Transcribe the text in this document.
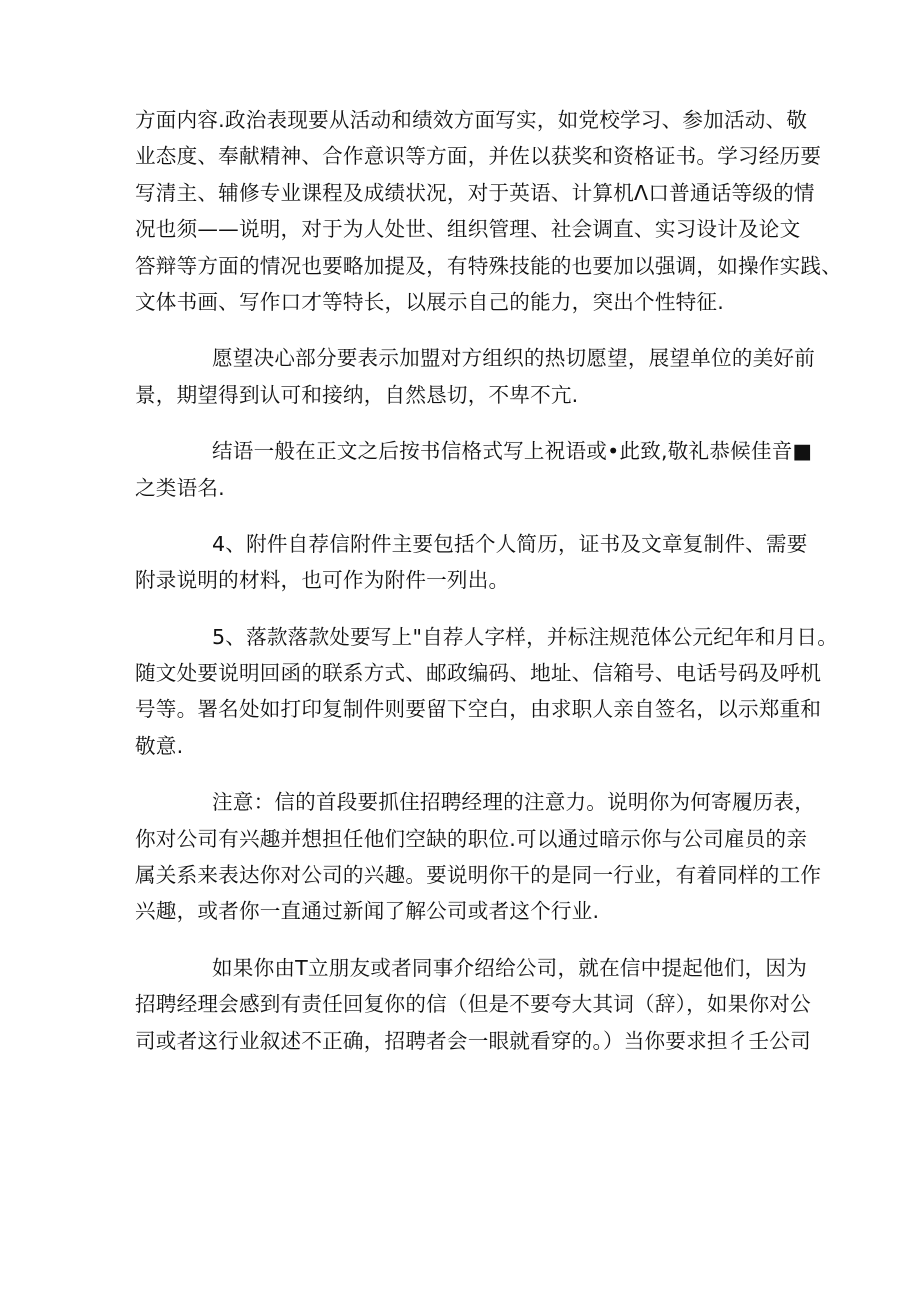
方面内容.政治表现要从活动和绩效方面写实，如党校学习、参加活动、敬
业态度、奉献精神、合作意识等方面，并佐以获奖和资格证书。学习经历要
写清主、辅修专业课程及成绩状况，对于英语、计算机Λ口普通话等级的情
况也须——说明，对于为人处世、组织管理、社会调直、实习设计及论文
答辩等方面的情况也要略加提及，有特殊技能的也要加以强调，如操作实践、
文体书画、写作口才等特长，以展示自己的能力，突出个性特征.
愿望决心部分要表示加盟对方组织的热切愿望，展望单位的美好前
景，期望得到认可和接纳，自然恳切，不卑不亢.
结语一般在正文之后按书信格式写上祝语或•此致,敬礼恭候佳音■
之类语名.
4、附件自荐信附件主要包括个人简历，证书及文章复制件、需要
附录说明的材料，也可作为附件一列出。
5、落款落款处要写上"自荐人字样，并标注规范体公元纪年和月日。
随文处要说明回函的联系方式、邮政编码、地址、信箱号、电话号码及呼机
号等。署名处如打印复制件则要留下空白，由求职人亲自签名，以示郑重和
敬意.
注意：信的首段要抓住招聘经理的注意力。说明你为何寄履历表，
你对公司有兴趣并想担任他们空缺的职位.可以通过暗示你与公司雇员的亲
属关系来表达你对公司的兴趣。要说明你干的是同一行业，有着同样的工作
兴趣，或者你一直通过新闻了解公司或者这个行业.
如果你由T立朋友或者同事介绍给公司，就在信中提起他们，因为
招聘经理会感到有责任回复你的信（但是不要夸大其词（辞），如果你对公
司或者这行业叙述不正确，招聘者会一眼就看穿的。）当你要求担彳壬公司
